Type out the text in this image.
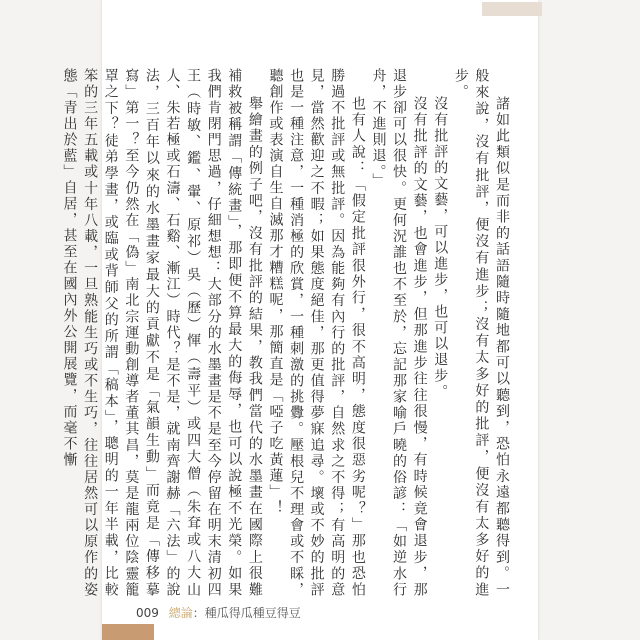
諸如此類似是而非的話語隨時隨地都可以聽到，恐怕永遠都聽得到。一般來說，沒有批評，便沒有進步；沒有太多好的批評，便沒有太多好的進步。

沒有批評的文藝，可以進步，也可以退步。

沒有批評的文藝，也會進步，但那進步往往很慢，有時候竟會退步，那退步卻可以很快。更何況誰也不至於，忘記那家喻戶曉的俗諺：「如逆水行舟，不進則退。」

也有人說：「假定批評很外行，很不高明，態度很惡劣呢？」那也恐怕勝過不批評或無批評。因為能夠有內行的批評，自然求之不得；有高明的意見，當然歡迎之不暇；如果態度絕佳，那更值得夢寐追尋。壞或不妙的批評也是一種注意，一種消極的欣賞，一種刺激的挑釁。壓根兒不理會或不睬，聽創作或表演自生自滅那才糟糕呢，那簡直是「啞子吃黃蓮」！

舉繪畫的例子吧，沒有批評的結果，教我們當代的水墨畫在國際上很難補救被稱謂「傳統畫」，那即便不算最大的侮辱，也可以說極不光榮。如果我們肯閉門思過，仔細想想：大部分的水墨畫是不是至今停留在明末清初四王（時敏、鑑、翬、原祁）吳（歷）惲（壽平）或四大僧（朱耷或八大山人、朱若極或石濤、石谿、漸江）時代？是不是，就南齊謝赫「六法」的說法，三百年以來的水墨畫家最大的貢獻不是「氣韻生動」而竟是「傳移摹寫」第一？至今仍然在「偽」南北宗運動創導者董其昌，莫是龍兩位陰靈籠罩之下？徒弟學畫，或臨或背師父的所謂「稿本」，聰明的一年半載，比較笨的三年五載或十年八載，一旦熟能生巧或不生巧，往往居然可以原作的姿態「青出於藍」自居，甚至在國內外公開展覽，而毫不慚

009 總論：種瓜得瓜種豆得豆
